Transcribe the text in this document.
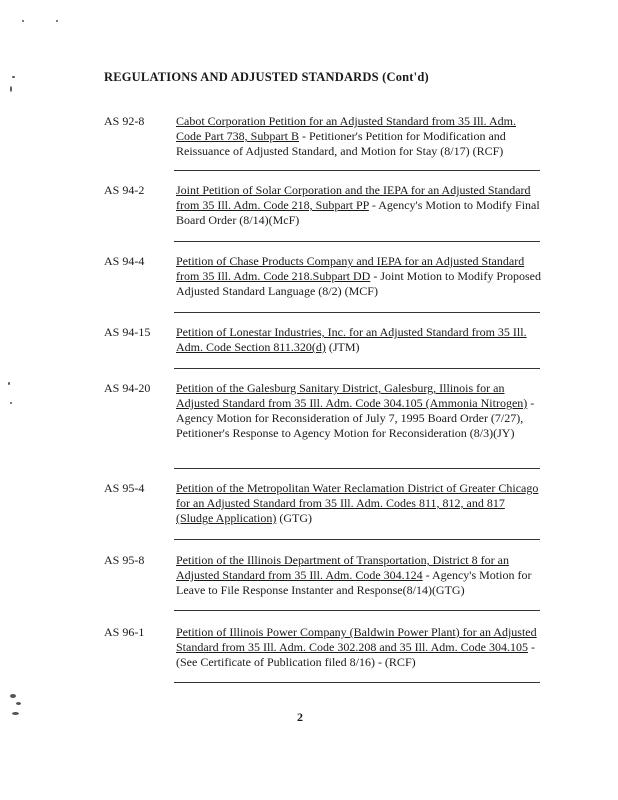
REGULATIONS AND ADJUSTED STANDARDS (Cont'd)
AS 92-8	Cabot Corporation Petition for an Adjusted Standard from 35 Ill. Adm. Code Part 738, Subpart B - Petitioner's Petition for Modification and Reissuance of Adjusted Standard, and Motion for Stay (8/17) (RCF)
AS 94-2	Joint Petition of Solar Corporation and the IEPA for an Adjusted Standard from 35 Ill. Adm. Code 218, Subpart PP - Agency's Motion to Modify Final Board Order (8/14)(McF)
AS 94-4	Petition of Chase Products Company and IEPA for an Adjusted Standard from 35 Ill. Adm. Code 218.Subpart DD - Joint Motion to Modify Proposed Adjusted Standard Language (8/2) (MCF)
AS 94-15 Petition of Lonestar Industries, Inc. for an Adjusted Standard from 35 Ill. Adm. Code Section 811.320(d) (JTM)
AS 94-20 Petition of the Galesburg Sanitary District, Galesburg, Illinois for an Adjusted Standard from 35 Ill. Adm. Code 304.105 (Ammonia Nitrogen) - Agency Motion for Reconsideration of July 7, 1995 Board Order (7/27), Petitioner's Response to Agency Motion for Reconsideration (8/3)(JY)
AS 95-4	Petition of the Metropolitan Water Reclamation District of Greater Chicago for an Adjusted Standard from 35 Ill. Adm. Codes 811, 812, and 817 (Sludge Application) (GTG)
AS 95-8	Petition of the Illinois Department of Transportation, District 8 for an Adjusted Standard from 35 Ill. Adm. Code 304.124 - Agency's Motion for Leave to File Response Instanter and Response(8/14)(GTG)
AS 96-1	Petition of Illinois Power Company (Baldwin Power Plant) for an Adjusted Standard from 35 Ill. Adm. Code 302.208 and 35 Ill. Adm. Code 304.105 - (See Certificate of Publication filed 8/16) - (RCF)
2
